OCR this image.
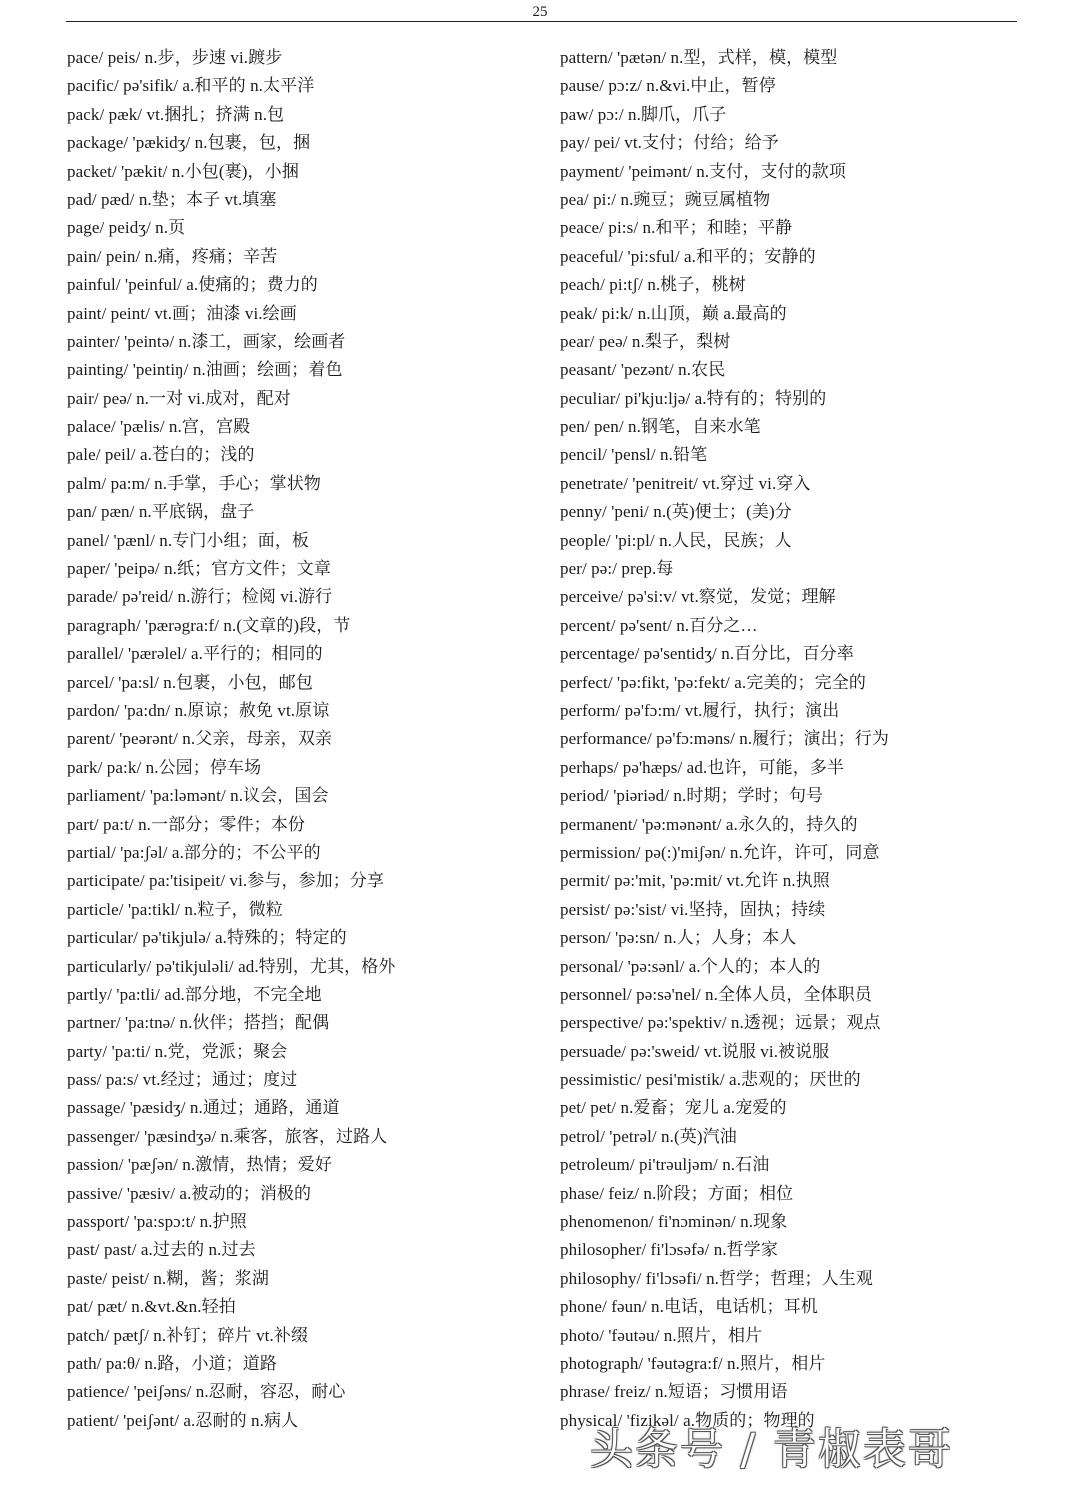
25
pace/ peis/ n.步，步速 vi.踱步
pacific/ pə'sifik/ a.和平的 n.太平洋
pack/ pæk/ vt.捆扎；挤满 n.包
package/ 'pækidʒ/ n.包裹，包，捆
packet/ 'pækit/ n.小包(裹)，小捆
pad/ pæd/ n.垫；本子 vt.填塞
page/ peidʒ/ n.页
pain/ pein/ n.痛，疼痛；辛苦
painful/ 'peinful/ a.使痛的；费力的
paint/ peint/ vt.画；油漆 vi.绘画
painter/ 'peintə/ n.漆工，画家，绘画者
painting/ 'peintiŋ/ n.油画；绘画；着色
pair/ peə/ n.一对 vi.成对，配对
palace/ 'pælis/ n.宫，宫殿
pale/ peil/ a.苍白的；浅的
palm/ pa:m/ n.手掌，手心；掌状物
pan/ pæn/ n.平底锅，盘子
panel/ 'pænl/ n.专门小组；面，板
paper/ 'peipə/ n.纸；官方文件；文章
parade/ pə'reid/ n.游行；检阅 vi.游行
paragraph/ 'pærəgra:f/ n.(文章的)段，节
parallel/ 'pærəlel/ a.平行的；相同的
parcel/ 'pa:sl/ n.包裹，小包，邮包
pardon/ 'pa:dn/ n.原谅；赦免 vt.原谅
parent/ 'peərənt/ n.父亲，母亲，双亲
park/ pa:k/ n.公园；停车场
parliament/ 'pa:ləmənt/ n.议会，国会
part/ pa:t/ n.一部分；零件；本份
partial/ 'pa:ʃəl/ a.部分的；不公平的
participate/ pa:'tisipeit/ vi.参与，参加；分享
particle/ 'pa:tikl/ n.粒子，微粒
particular/ pə'tikjulə/ a.特殊的；特定的
particularly/ pə'tikjuləli/ ad.特别，尤其，格外
partly/ 'pa:tli/ ad.部分地，不完全地
partner/ 'pa:tnə/ n.伙伴；搭挡；配偶
party/ 'pa:ti/ n.党，党派；聚会
pass/ pa:s/ vt.经过；通过；度过
passage/ 'pæsidʒ/ n.通过；通路，通道
passenger/ 'pæsindʒə/ n.乘客，旅客，过路人
passion/ 'pæʃən/ n.激情，热情；爱好
passive/ 'pæsiv/ a.被动的；消极的
passport/ 'pa:spɔ:t/ n.护照
past/ past/ a.过去的 n.过去
paste/ peist/ n.糊，酱；浆湖
pat/ pæt/ n.&vt.&n.轻拍
patch/ pætʃ/ n.补钉；碎片 vt.补缀
path/ pa:θ/ n.路，小道；道路
patience/ 'peiʃəns/ n.忍耐，容忍，耐心
patient/ 'peiʃənt/ a.忍耐的 n.病人
pattern/ 'pætən/ n.型，式样，模，模型
pause/ pɔ:z/ n.&vi.中止，暂停
paw/ pɔ:/ n.脚爪，爪子
pay/ pei/ vt.支付；付给；给予
payment/ 'peimənt/ n.支付，支付的款项
pea/ pi:/ n.豌豆；豌豆属植物
peace/ pi:s/ n.和平；和睦；平静
peaceful/ 'pi:sful/ a.和平的；安静的
peach/ pi:tʃ/ n.桃子，桃树
peak/ pi:k/ n.山顶，巅 a.最高的
pear/ peə/ n.梨子，梨树
peasant/ 'pezənt/ n.农民
peculiar/ pi'kju:ljə/ a.特有的；特别的
pen/ pen/ n.钢笔，自来水笔
pencil/ 'pensl/ n.铅笔
penetrate/ 'penitreit/ vt.穿过 vi.穿入
penny/ 'peni/ n.(英)便士；(美)分
people/ 'pi:pl/ n.人民，民族；人
per/ pə:/ prep.每
perceive/ pə'si:v/ vt.察觉，发觉；理解
percent/ pə'sent/ n.百分之…
percentage/ pə'sentidʒ/ n.百分比，百分率
perfect/ 'pə:fikt, 'pə:fekt/ a.完美的；完全的
perform/ pə'fɔ:m/ vt.履行，执行；演出
performance/ pə'fɔ:məns/ n.履行；演出；行为
perhaps/ pə'hæps/ ad.也许，可能，多半
period/ 'piəriəd/ n.时期；学时；句号
permanent/ 'pə:mənənt/ a.永久的，持久的
permission/ pə(:)'miʃən/ n.允许，许可，同意
permit/ pə:'mit, 'pə:mit/ vt.允许 n.执照
persist/ pə:'sist/ vi.坚持，固执；持续
person/ 'pə:sn/ n.人；人身；本人
personal/ 'pə:sənl/ a.个人的；本人的
personnel/ pə:sə'nel/ n.全体人员，全体职员
perspective/ pə:'spektiv/ n.透视；远景；观点
persuade/ pə:'sweid/ vt.说服 vi.被说服
pessimistic/ pesi'mistik/ a.悲观的；厌世的
pet/ pet/ n.爱畜；宠儿 a.宠爱的
petrol/ 'petrəl/ n.(英)汽油
petroleum/ pi'trəuljəm/ n.石油
phase/ feiz/ n.阶段；方面；相位
phenomenon/ fi'nɔminən/ n.现象
philosopher/ fi'lɔsəfə/ n.哲学家
philosophy/ fi'lɔsəfi/ n.哲学；哲理；人生观
phone/ fəun/ n.电话，电话机；耳机
photo/ 'fəutəu/ n.照片，相片
photograph/ 'fəutəgra:f/ n.照片，相片
phrase/ freiz/ n.短语；习惯用语
physical/ 'fizikəl/ a.物质的；物理的
头条号 / 青椒表哥
